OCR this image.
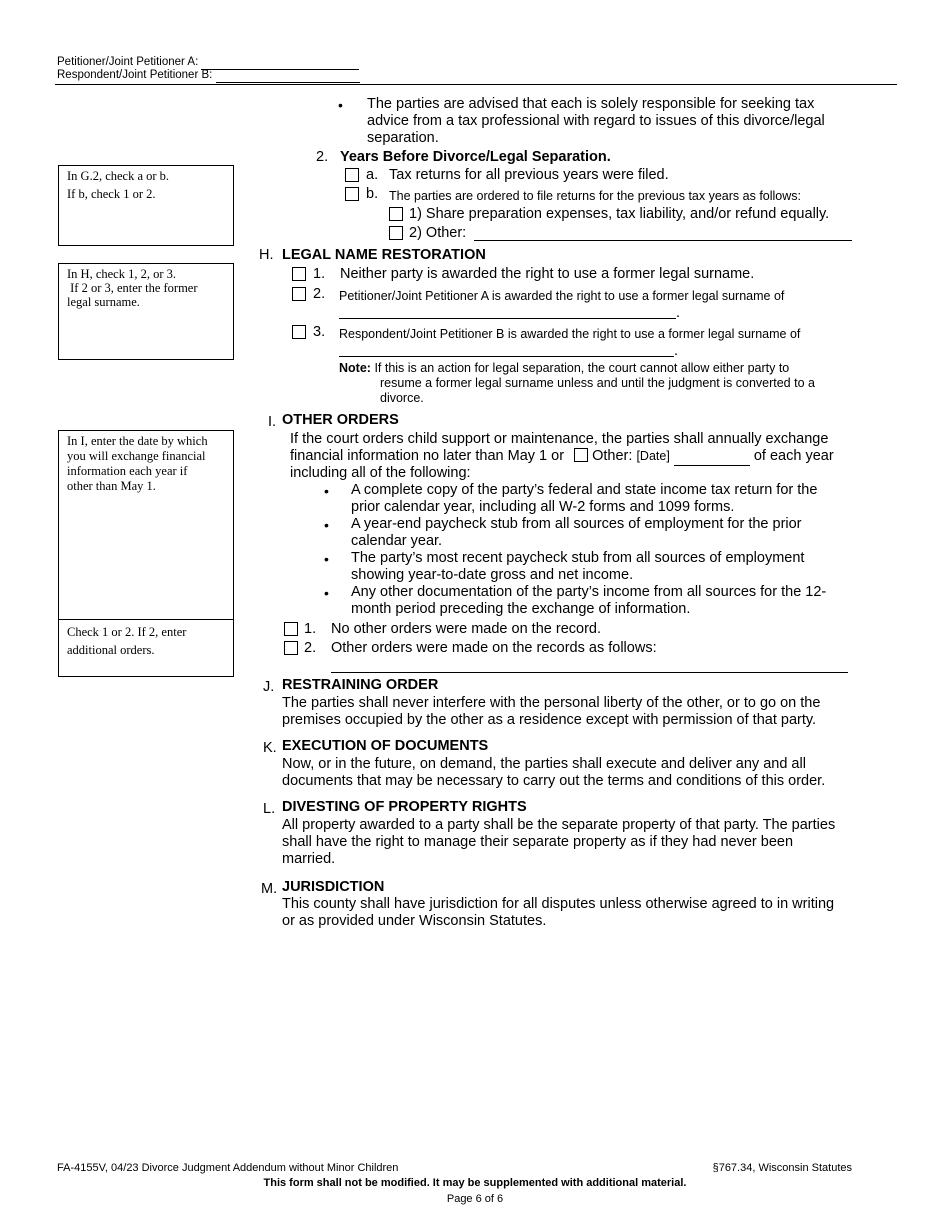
Petitioner/Joint Petitioner A:
Respondent/Joint Petitioner B:
In G.2, check a or b.
If b, check 1 or 2.
In H, check 1, 2, or 3.
If 2 or 3, enter the former
legal surname.
In I, enter the date by which
you will exchange financial
information each year if
other than May 1.
Check 1 or 2. If 2, enter
additional orders.
• The parties are advised that each is solely responsible for seeking tax
advice from a tax professional with regard to issues of this divorce/legal
separation.
2. Years Before Divorce/Legal Separation.
a. Tax returns for all previous years were filed.
b. The parties are ordered to file returns for the previous tax years as follows:
1) Share preparation expenses, tax liability, and/or refund equally.
2) Other:
H. LEGAL NAME RESTORATION
1. Neither party is awarded the right to use a former legal surname.
2. Petitioner/Joint Petitioner A is awarded the right to use a former legal surname of
.
3. Respondent/Joint Petitioner B is awarded the right to use a former legal surname of
.
Note: If this is an action for legal separation, the court cannot allow either party to
resume a former legal surname unless and until the judgment is converted to a
divorce.
I. OTHER ORDERS
If the court orders child support or maintenance, the parties shall annually exchange
financial information no later than May 1 or Other: [Date]	of each year
including all of the following:
• A complete copy of the party’s federal and state income tax return for the
prior calendar year, including all W-2 forms and 1099 forms.
• A year-end paycheck stub from all sources of employment for the prior
calendar year.
• The party’s most recent paycheck stub from all sources of employment
showing year-to-date gross and net income.
• Any other documentation of the party’s income from all sources for the 12-
month period preceding the exchange of information.
1. No other orders were made on the record.
2. Other orders were made on the records as follows:
J. RESTRAINING ORDER
The parties shall never interfere with the personal liberty of the other, or to go on the
premises occupied by the other as a residence except with permission of that party.
K. EXECUTION OF DOCUMENTS
Now, or in the future, on demand, the parties shall execute and deliver any and all
documents that may be necessary to carry out the terms and conditions of this order.
L. DIVESTING OF PROPERTY RIGHTS
All property awarded to a party shall be the separate property of that party. The parties
shall have the right to manage their separate property as if they had never been
married.
M. JURISDICTION
This county shall have jurisdiction for all disputes unless otherwise agreed to in writing
or as provided under Wisconsin Statutes.
FA-4155V, 04/23 Divorce Judgment Addendum without Minor Children	§767.34, Wisconsin Statutes
This form shall not be modified. It may be supplemented with additional material.
Page 6 of 6
